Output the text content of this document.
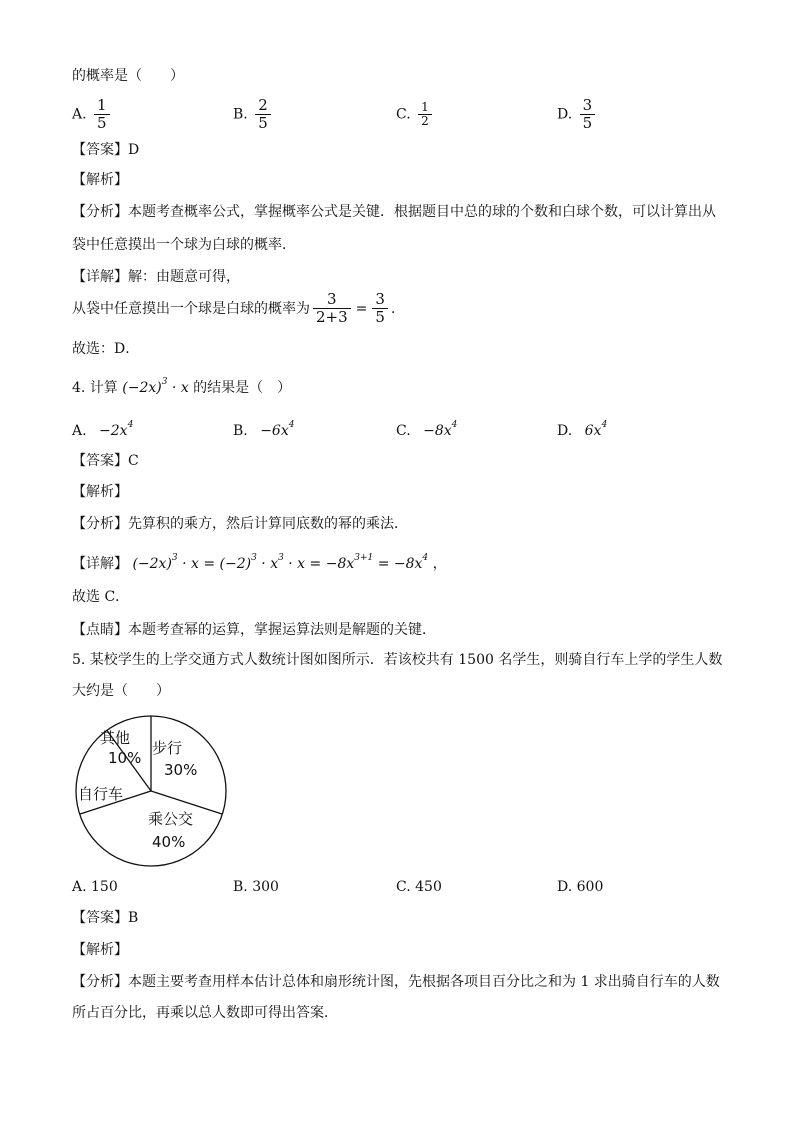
的概率是（　　）
A. $\frac{1}{5}$	B. $\frac{2}{5}$	C. $\frac{1}{2}$	D. $\frac{3}{5}$
【答案】D
【解析】
【分析】本题考查概率公式，掌握概率公式是关键．根据题目中总的球的个数和白球个数，可以计算出从
袋中任意摸出一个球为白球的概率．
【详解】解：由题意可得，
从袋中任意摸出一个球是白球的概率为 $\frac{3}{2+3} = \frac{3}{5}$ ．
故选：D．
4. 计算 $(-2x)^3 \cdot x$ 的结果是（　）
A. $-2x^4$	B. $-6x^4$	C. $-8x^4$	D. $6x^4$
【答案】C
【解析】
【分析】先算积的乘方，然后计算同底数的幂的乘法．
【详解】 $(-2x)^3 \cdot x = (-2)^3 \cdot x^3 \cdot x = -8x^{3+1} = -8x^4$ ，
故选 C．
【点睛】本题考查幂的运算，掌握运算法则是解题的关键．
5. 某校学生的上学交通方式人数统计图如图所示．若该校共有 1500 名学生，则骑自行车上学的学生人数
大约是（　　）
步行
30%
乘公交
40%
自行车
其他
10%
A. 150	B. 300	C. 450	D. 600
【答案】B
【解析】
【分析】本题主要考查用样本估计总体和扇形统计图，先根据各项目百分比之和为 1 求出骑自行车的人数
所占百分比，再乘以总人数即可得出答案．
